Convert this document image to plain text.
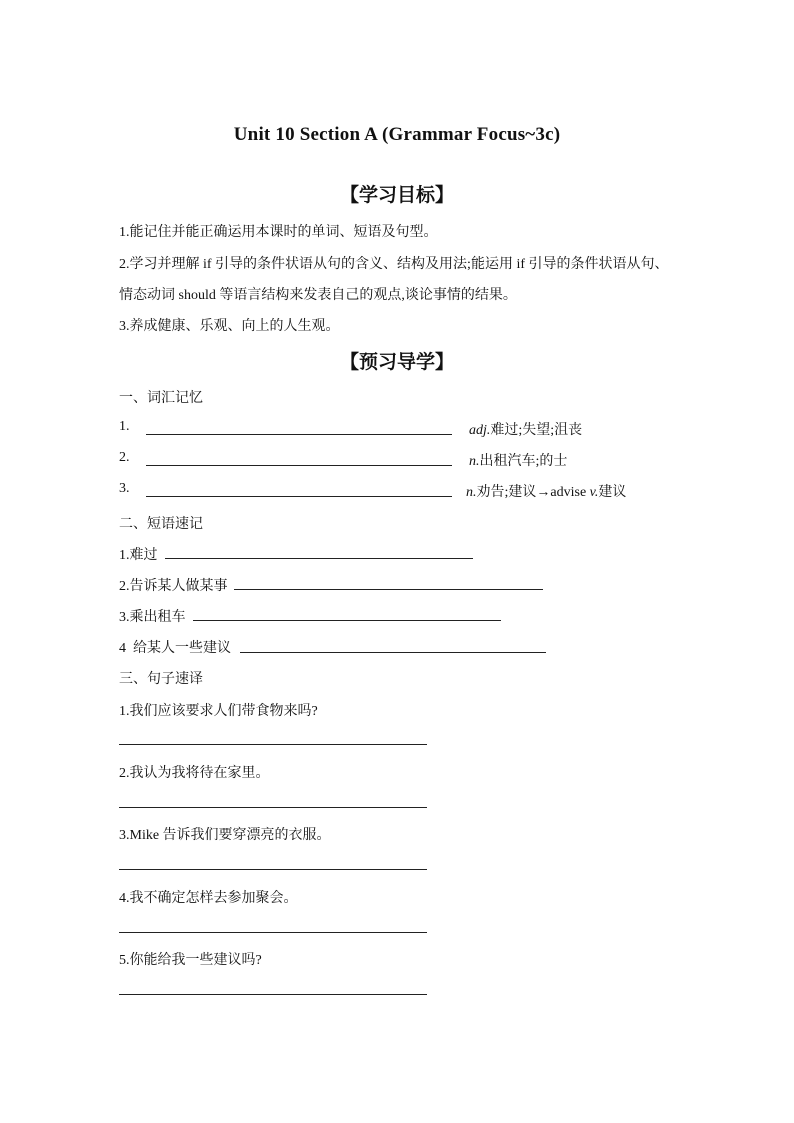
Unit 10 Section A (Grammar Focus~3c)
【学习目标】
1.能记住并能正确运用本课时的单词、短语及句型。
2.学习并理解 if 引导的条件状语从句的含义、结构及用法;能运用 if 引导的条件状语从句、
情态动词 should 等语言结构来发表自己的观点,谈论事情的结果。
3.养成健康、乐观、向上的人生观。
【预习导学】
一、词汇记忆
1.	adj.难过;失望;沮丧
2.	n.出租汽车;的士
3.	n.劝告;建议→advise v.建议
二、短语速记
1.难过
2.告诉某人做某事
3.乘出租车
4  给某人一些建议
三、句子速译
1.我们应该要求人们带食物来吗?
2.我认为我将待在家里。
3.Mike 告诉我们要穿漂亮的衣服。
4.我不确定怎样去参加聚会。
5.你能给我一些建议吗?
